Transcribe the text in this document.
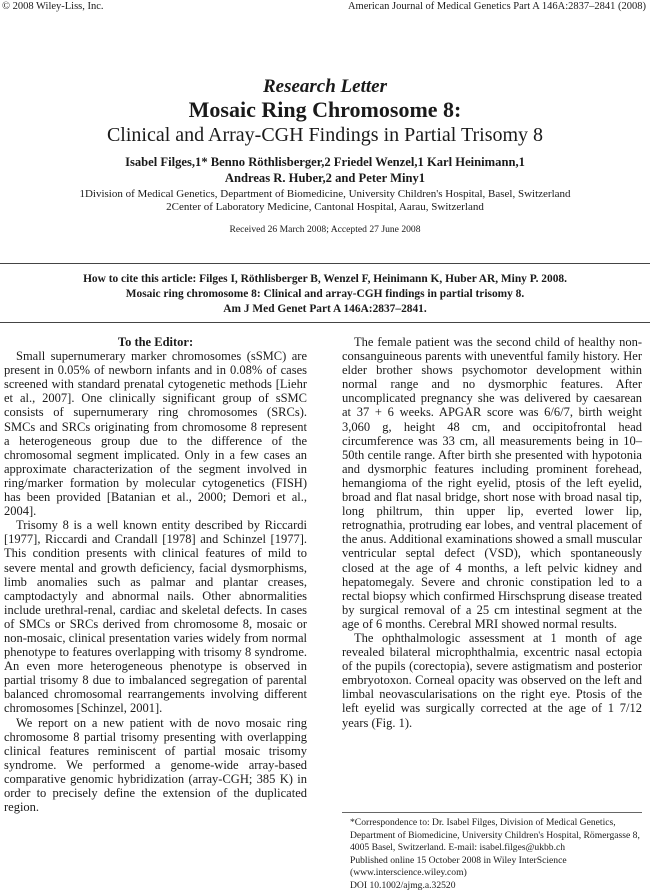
© 2008 Wiley-Liss, Inc.	American Journal of Medical Genetics Part A 146A:2837–2841 (2008)
Research Letter
Mosaic Ring Chromosome 8:
Clinical and Array-CGH Findings in Partial Trisomy 8
Isabel Filges,1* Benno Röthlisberger,2 Friedel Wenzel,1 Karl Heinimann,1
Andreas R. Huber,2 and Peter Miny1
1Division of Medical Genetics, Department of Biomedicine, University Children's Hospital, Basel, Switzerland
2Center of Laboratory Medicine, Cantonal Hospital, Aarau, Switzerland
Received 26 March 2008; Accepted 27 June 2008
How to cite this article: Filges I, Röthlisberger B, Wenzel F, Heinimann K, Huber AR, Miny P. 2008.
Mosaic ring chromosome 8: Clinical and array-CGH findings in partial trisomy 8.
Am J Med Genet Part A 146A:2837–2841.

To the Editor:

Small supernumerary marker chromosomes (sSMC) are present in 0.05% of newborn infants and in 0.08% of cases screened with standard prenatal cytogenetic methods [Liehr et al., 2007]. One clinically significant group of sSMC consists of supernumerary ring chromosomes (SRCs). SMCs and SRCs originating from chromosome 8 represent a heterogeneous group due to the difference of the chromosomal segment implicated. Only in a few cases an approximate characterization of the segment involved in ring/marker formation by molecular cytogenetics (FISH) has been provided [Batanian et al., 2000; Demori et al., 2004].

Trisomy 8 is a well known entity described by Riccardi [1977], Riccardi and Crandall [1978] and Schinzel [1977]. This condition presents with clinical features of mild to severe mental and growth deficiency, facial dysmorphisms, limb anomalies such as palmar and plantar creases, camptodactyly and abnormal nails. Other abnormalities include urethral-renal, cardiac and skeletal defects. In cases of SMCs or SRCs derived from chromosome 8, mosaic or non-mosaic, clinical presentation varies widely from normal phenotype to features overlapping with trisomy 8 syndrome. An even more heterogeneous phenotype is observed in partial trisomy 8 due to imbalanced segregation of parental balanced chromosomal rearrangements involving different chromosomes [Schinzel, 2001].

We report on a new patient with de novo mosaic ring chromosome 8 partial trisomy presenting with overlapping clinical features reminiscent of partial mosaic trisomy syndrome. We performed a genome-wide array-based comparative genomic hybridization (array-CGH; 385 K) in order to precisely define the extension of the duplicated region.

The female patient was the second child of healthy non-consanguineous parents with uneventful family history. Her elder brother shows psychomotor development within normal range and no dysmorphic features. After uncomplicated pregnancy she was delivered by caesarean at 37 + 6 weeks. APGAR score was 6/6/7, birth weight 3,060 g, height 48 cm, and occipitofrontal head circumference was 33 cm, all measurements being in 10–50th centile range. After birth she presented with hypotonia and dysmorphic features including prominent forehead, hemangioma of the right eyelid, ptosis of the left eyelid, broad and flat nasal bridge, short nose with broad nasal tip, long philtrum, thin upper lip, everted lower lip, retrognathia, protruding ear lobes, and ventral placement of the anus. Additional examinations showed a small muscular ventricular septal defect (VSD), which spontaneously closed at the age of 4 months, a left pelvic kidney and hepatomegaly. Severe and chronic constipation led to a rectal biopsy which confirmed Hirschsprung disease treated by surgical removal of a 25 cm intestinal segment at the age of 6 months. Cerebral MRI showed normal results.

The ophthalmologic assessment at 1 month of age revealed bilateral microphthalmia, excentric nasal ectopia of the pupils (corectopia), severe astigmatism and posterior embryotoxon. Corneal opacity was observed on the left and limbal neovascularisations on the right eye. Ptosis of the left eyelid was surgically corrected at the age of 1 7/12 years (Fig. 1).

*Correspondence to: Dr. Isabel Filges, Division of Medical Genetics, Department of Biomedicine, University Children's Hospital, Römergasse 8, 4005 Basel, Switzerland. E-mail: isabel.filges@ukbb.ch
Published online 15 October 2008 in Wiley InterScience (www.interscience.wiley.com)
DOI 10.1002/ajmg.a.32520
